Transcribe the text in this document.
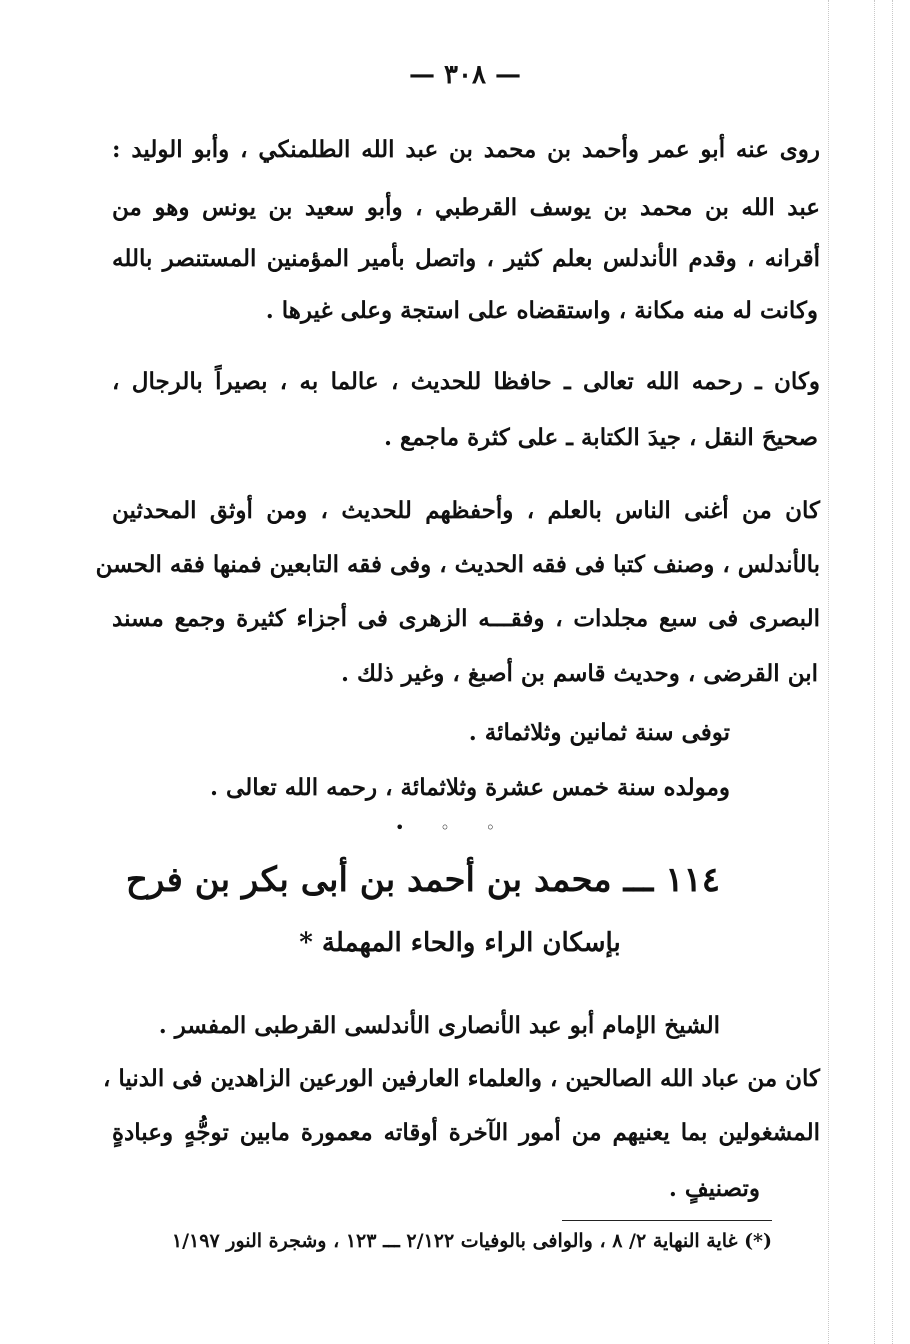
— ٣٠٨ —
روى عنه أبو عمر وأحمد بن محمد بن عبد الله الطلمنكي ، وأبو الوليد :
عبد الله بن محمد بن يوسف القرطبي ، وأبو سعيد بن يونس وهو من
أقرانه ، وقدم الأندلس بعلم كثير ، واتصل بأمير المؤمنين المستنصر بالله
وكانت له منه مكانة ، واستقضاه على استجة وعلى غيرها .
وكان ـ رحمه الله تعالى ـ حافظا للحديث ، عالما به ، بصيراً بالرجال ،
صحيحَ النقل ، جيدَ الكتابة ـ على كثرة ماجمع .
كان من أغنى الناس بالعلم ، وأحفظهم للحديث ، ومن أوثق المحدثين
بالأندلس ، وصنف كتبا فى فقه الحديث ، وفى فقه التابعين فمنها فقه الحسن
البصرى فى سبع مجلدات ، وفقـــه الزهرى فى أجزاء كثيرة وجمع مسند
ابن القرضى ، وحديث قاسم بن أصبغ ، وغير ذلك .
توفى سنة ثمانين وثلاثمائة .
ومولده سنة خمس عشرة وثلاثمائة ، رحمه الله تعالى .
• ◦ ◦
١١٤ ـــ محمد بن أحمد بن أبى بكر بن فرح
بإسكان الراء والحاء المهملة *
الشيخ الإمام أبو عبد الأنصارى الأندلسى القرطبى المفسر .
كان من عباد الله الصالحين ، والعلماء العارفين الورعين الزاهدين فى الدنيا ،
المشغولين بما يعنيهم من أمور الآخرة أوقاته معمورة مابين توجُّهٍ وعبادةٍ
وتصنيفٍ .
(*) غاية النهاية ٢/ ٨ ، والوافى بالوفيات ٢/١٢٢ ـــ ١٢٣ ، وشجرة النور ١/١٩٧
